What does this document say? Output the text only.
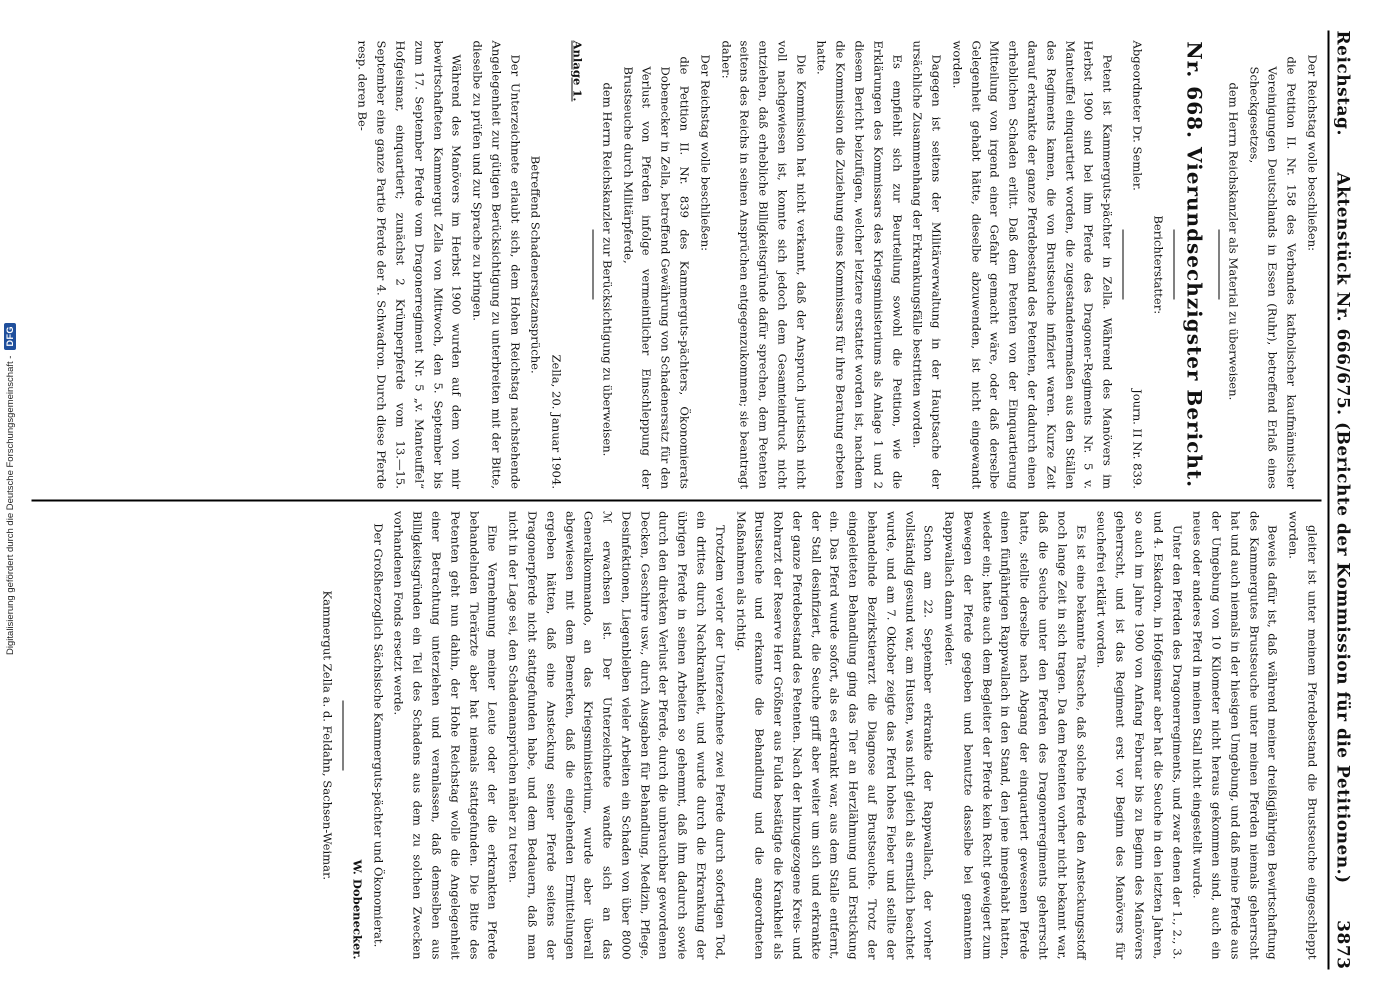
Digitalisierung gefördert durch die Deutsche Forschungsgemeinschaft -
DFG
Reichstag.
Aktenstück Nr. 666/675. (Berichte der Kommission für die Petitionen.)
3873

Der Reichstag wolle beschließen:

die Petition II. Nr. 158 des Verbandes katholischer kaufmännischer Vereinigungen Deutschlands in Essen (Ruhr), betreffend Erlaß eines Scheckgesetzes,

dem Herrn Reichskanzler als Material zu überweisen.

Nr. 668. Vierundsechzigster Bericht.

Berichterstatter:

Abgeordneter Dr. Semler.
Journ. II Nr. 839.

Petent ist Kammerguts-pächter in Zella. Während des Manövers im Herbst 1900 sind bei ihm Pferde des Dragoner-Regiments Nr. 5 v. Manteuffel einquartiert worden, die zugestandenermaßen aus den Ställen des Regiments kamen, die von Brustseuche infiziert waren. Kurze Zeit darauf erkrankte der ganze Pferdebestand des Petenten, der dadurch einen erheblichen Schaden erlitt. Daß dem Petenten von der Einquartierung Mitteilung von irgend einer Gefahr gemacht wäre, oder daß derselbe Gelegenheit gehabt hätte, dieselbe abzuwenden, ist nicht eingewandt worden.

Dagegen ist seitens der Militärverwaltung in der Hauptsache der ursächliche Zusammenhang der Erkrankungsfälle bestritten worden.

Es empfiehlt sich zur Beurteilung sowohl die Petition, wie die Erklärungen des Kommissars des Kriegsministeriums als Anlage 1 und 2 diesem Bericht beizufügen, welcher letztere erstattet worden ist, nachdem die Kommission die Zuziehung eines Kommissars für ihre Beratung erbeten hatte.

Die Kommission hat nicht verkannt, daß der Anspruch juristisch nicht voll nachgewiesen ist, konnte sich jedoch dem Gesamteindruck nicht entziehen, daß erhebliche Billigkeitsgründe dafür sprechen, dem Petenten seitens des Reichs in seinen Ansprüchen entgegenzukommen; sie beantragt daher:

Der Reichstag wolle beschließen:

die Petition II. Nr. 839 des Kammerguts-pächters, Ökonomierats Dobenecker in Zella, betreffend Gewährung von Schadenersatz für den Verlust von Pferden infolge vermeintlicher Einschleppung der Brustseuche durch Militärpferde,

dem Herrn Reichskanzler zur Berücksichtigung zu überweisen.

Anlage 1.

Zella, 20. Januar 1904.

Betreffend Schadenersatzansprüche.

Der Unterzeichnete erlaubt sich, dem Hohen Reichstag nachstehende Angelegenheit zur gütigen Berücksichtigung zu unterbreiten mit der Bitte, dieselbe zu prüfen und zur Sprache zu bringen.

Während des Manövers im Herbst 1900 wurden auf dem von mir bewirtschafteten Kammergut Zella von Mittwoch, den 5. September bis zum 17. September Pferde vom Dragonerregiment Nr. 5 „v. Manteuffel“ Hofgeismar, einquartiert; zunächst 2 Krümperpferde vom 13.—15. September eine ganze Partie Pferde der 4. Schwadron. Durch diese Pferde resp. deren Be-

gleiter ist unter meinem Pferdebestand die Brustseuche eingeschleppt worden.

Beweis dafür ist, daß während meiner dreißigjährigen Bewirtschaftung des Kammergutes Brustseuche unter meinen Pferden niemals geherrscht hat und auch niemals in der hiesigen Umgebung, und daß meine Pferde aus der Umgebung von 10 Kilometer nicht heraus gekommen sind, auch ein neues oder anderes Pferd in meinen Stall nicht eingestellt wurde.

Unter den Pferden des Dragonerregiments, und zwar denen der 1., 2., 3. und 4. Eskadron, in Hofgeismar aber hat die Seuche in den letzten Jahren, so auch im Jahre 1900 von Anfang Februar bis zu Beginn des Manövers geherrscht, und ist das Regiment erst vor Beginn des Manövers für seuchefrei erklärt worden.

Es ist eine bekannte Tatsache, daß solche Pferde den Ansteckungsstoff noch lange Zeit in sich tragen. Da dem Petenten vorher nicht bekannt war, daß die Seuche unter den Pferden des Dragonerregiments geherrscht hatte, stellte derselbe nach Abgang der einquartiert gewesenen Pferde einen fünfjährigen Rappwallach in den Stand, den jene innegehabt hatten, wieder ein; hatte auch dem Begleiter der Pferde kein Recht geweigert zum Bewegen der Pferde gegeben und benutzte dasselbe bei genanntem Rappwallach dann wieder.

Schon am 22. September erkrankte der Rappwallach, der vorher vollständig gesund war, am Husten, was nicht gleich als ernstlich beachtet wurde, und am 7. Oktober zeigte das Pferd hohes Fieber und stellte der behandelnde Bezirkstierarzt die Diagnose auf Brustseuche. Trotz der eingeleiteten Behandlung ging das Tier an Herzlähmung und Erstickung ein. Das Pferd wurde sofort, als es erkrankt war, aus dem Stalle entfernt, der Stall desinfiziert, die Seuche griff aber weiter um sich und erkrankte der ganze Pferdebestand des Petenten. Nach der hinzugezogene Kreis- und Rohrarzt der Reserve Herr Größner aus Fulda bestätigte die Krankheit als Brustseuche und erkannte die Behandlung und die angeordneten Maßnahmen als richtig.

Trotzdem verlor der Unterzeichnete zwei Pferde durch sofortigen Tod, ein drittes durch Nachkrankheit, und wurde durch die Erkrankung der übrigen Pferde in seinen Arbeiten so gehemmt, daß ihm dadurch sowie durch den direkten Verlust der Pferde, durch die unbrauchbar gewordenen Decken, Geschirre usw., durch Ausgaben für Behandlung, Medizin, Pflege, Desinfektionen, Liegenbleiben vieler Arbeiten ein Schaden von über 8000 ℳ erwachsen ist. Der Unterzeichnete wandte sich an das Generalkommando, an das Kriegsministerium, wurde aber überall abgewiesen mit dem Bemerken, daß die eingehenden Ermittelungen ergeben hätten, daß eine Ansteckung seiner Pferde seitens der Dragonerpferde nicht stattgefunden habe, und dem Bedauern, daß man nicht in der Lage sei, den Schadenansprüchen näher zu treten.

Eine Vernehmung meiner Leute oder der die erkrankten Pferde behandelnden Tierärzte aber hat niemals stattgefunden. Die Bitte des Petenten geht nun dahin, der Hohe Reichstag wolle die Angelegenheit einer Betrachtung unterziehen und veranlassen, daß demselben aus Billigkeitsgründen ein Teil des Schadens aus dem zu solchen Zwecken vorhandenen Fonds ersetzt werde.

Der Großherzoglich Sächsische Kammerguts-pächter und Ökonomierat.

W. Dobenecker.

Kammergut Zella a. d. Feldahn, Sachsen-Weimar.
